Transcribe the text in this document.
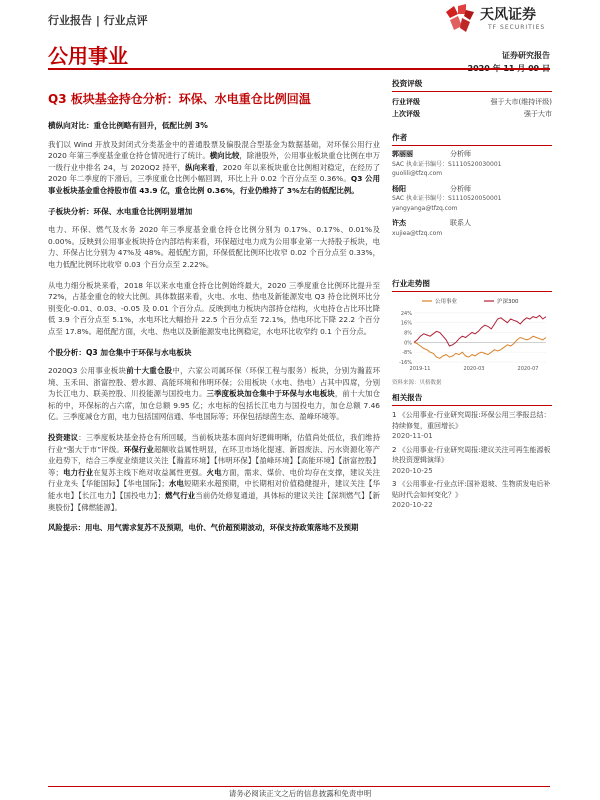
行业报告 | 行业点评	天风证券
TF SECURITIES
公用事业	证券研究报告
Q3 板块基金持仓分析：环保、水电重仓比例回温
横纵向对比：重仓比例略有回升，低配比例 3%

我们以 Wind 开放及封闭式分类基金中的普通股票及偏股混合型基金为数据基础，对环保公用行业 2020 年第三季度基金重仓持仓情况进行了统计。横向比较，除港股外，公用事业板块重仓比例在申万一级行业中排名 24，与 2020Q2 持平，纵向来看，2020 年以来板块重仓比例相对稳定，在经历了 2020 年二季度的下滑后，三季度重仓比例小幅回调，环比上升 0.02 个百分点至 0.36%。Q3 公用事业板块基金重仓持股市值 43.9 亿，重仓比例 0.36%，行业仍维持了 3%左右的低配比例。

子板块分析：环保、水电重仓比例明显增加

电力、环保、燃气及水务 2020 年三季度基金重仓持仓比例分别为 0.17%、0.17%、0.01%及 0.00%。反映到公用事业板块持仓内部结构来看，环保超过电力成为公用事业第一大持股子板块，电力、环保占比分别为 47%及 48%。超低配方面，环保低配比例环比收窄 0.02 个百分点至 0.33%，电力低配比例环比收窄 0.03 个百分点至 2.22%。

从电力细分板块来看，2018 年以来水电重仓持仓比例始终最大，2020 三季度重仓比例环比提升至 72%，占基金重仓的较大比例。具体数据来看，火电、水电、热电及新能源发电 Q3 持仓比例环比分别变化-0.01、0.03、-0.05 及 0.01 个百分点。反映到电力板块内部持仓结构，火电持仓占比环比降低 3.9 个百分点至 5.1%，水电环比大幅抬升 22.5 个百分点至 72.1%，热电环比下降 22.2 个百分点至 17.8%。超低配方面，火电、热电以及新能源发电比例稳定，水电环比收窄约 0.1 个百分点。

个股分析：Q3 加仓集中于环保与水电板块

2020Q3 公用事业板块前十大重仓股中，六家公司属环保（环保工程与服务）板块，分别为瀚蓝环境、玉禾田、浙富控股、碧水源、高能环境和伟明环保；公用板块（水电、热电）占其中四席，分别为长江电力、联美控股、川投能源与国投电力。三季度板块加仓集中于环保与水电板块，前十大加仓标的中，环保标的占六席，加仓总额 9.95 亿；水电标的包括长江电力与国投电力，加仓总额 7.46 亿。三季度减仓方面，电力包括国网信通、华电国际等；环保包括绿茵生态、盈峰环境等。

投资建议：三季度板块基金持仓有所回暖，当前板块基本面向好逻辑明晰，估值尚处低位，我们维持行业“强大于市”评级。环保行业超额收益属性明显，在环卫市场化提速、新固废法、污水资源化等产业趋势下，结合三季度业绩建议关注【瀚蓝环境】【伟明环保】【盈峰环境】【高能环境】【浙富控股】等；电力行业在复苏主线下绝对收益属性更强。火电方面，需求、煤价、电价均存在支撑，建议关注行业龙头【华能国际】【华电国际】；水电短期来水超预期，中长期相对价值稳健提升，建议关注【华能水电】【长江电力】【国投电力】；燃气行业当前仍处修复通道，具体标的建议关注【深圳燃气】【新奥股份】【佛燃能源】。

风险提示：用电、用气需求复苏不及预期，电价、气价超预期波动，环保支持政策落地不及预期

投资评级
行业评级	强于大市(维持评级)
上次评级	强于大市
作者
郭丽丽	分析师
SAC 执业证书编号：S1110520030001
guolili@tfzq.com
杨阳	分析师
SAC 执业证书编号：S1110520050001
yangyanga@tfzq.com
许杰	联系人
xujiea@tfzq.com
行业走势图
-16%
-8%
0%
8%
16%
24%
2019-11	2020-03	2020-07
公用事业	沪深300
资料来源：贝格数据
相关报告
1 《公用事业-行业研究周报:环保公用三季报总结：持续修复，重回增长》
2020-11-01
2 《公用事业-行业研究周报:建议关注可再生能源板块投资逻辑演绎》
2020-10-25
3 《公用事业-行业点评:国补退坡、生物质发电后补贴时代会如何变化？》
2020-10-22
请务必阅读正文之后的信息披露和免责申明
